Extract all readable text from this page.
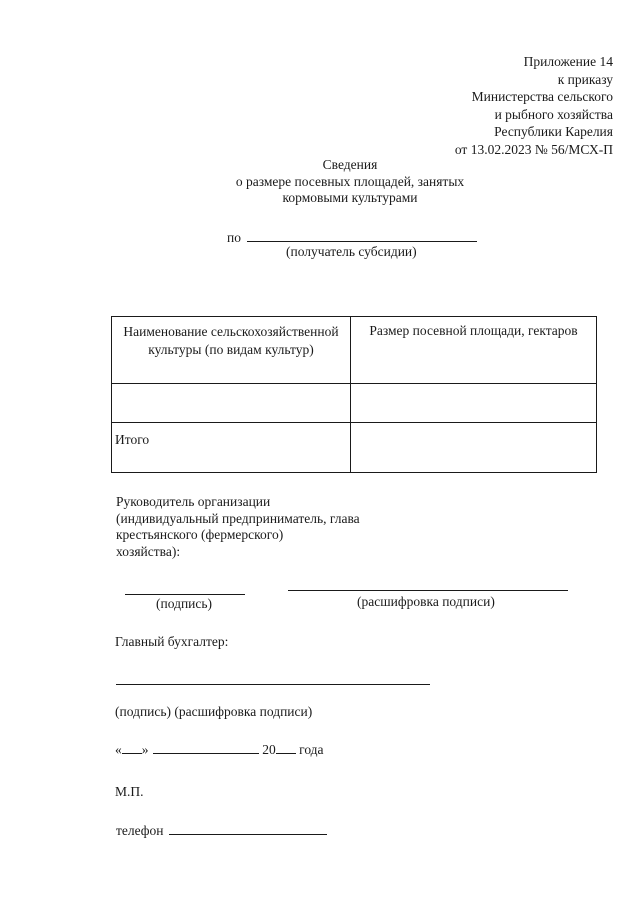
Приложение 14
к приказу
Министерства сельского
и рыбного хозяйства
Республики Карелия
от 13.02.2023 № 56/МСХ-П
Сведения
о размере посевных площадей, занятых
кормовыми культурами
по
(получатель субсидии)
Наименование сельскохозяйственной культуры (по видам культур)	Размер посевной площади, гектаров

Итого	
Руководитель организации
(индивидуальный предприниматель, глава
крестьянского (фермерского)
хозяйства):
(подпись)	(расшифровка подписи)
Главный бухгалтер:
(подпись) (расшифровка подписи)
« »	20 года
М.П.
телефон
